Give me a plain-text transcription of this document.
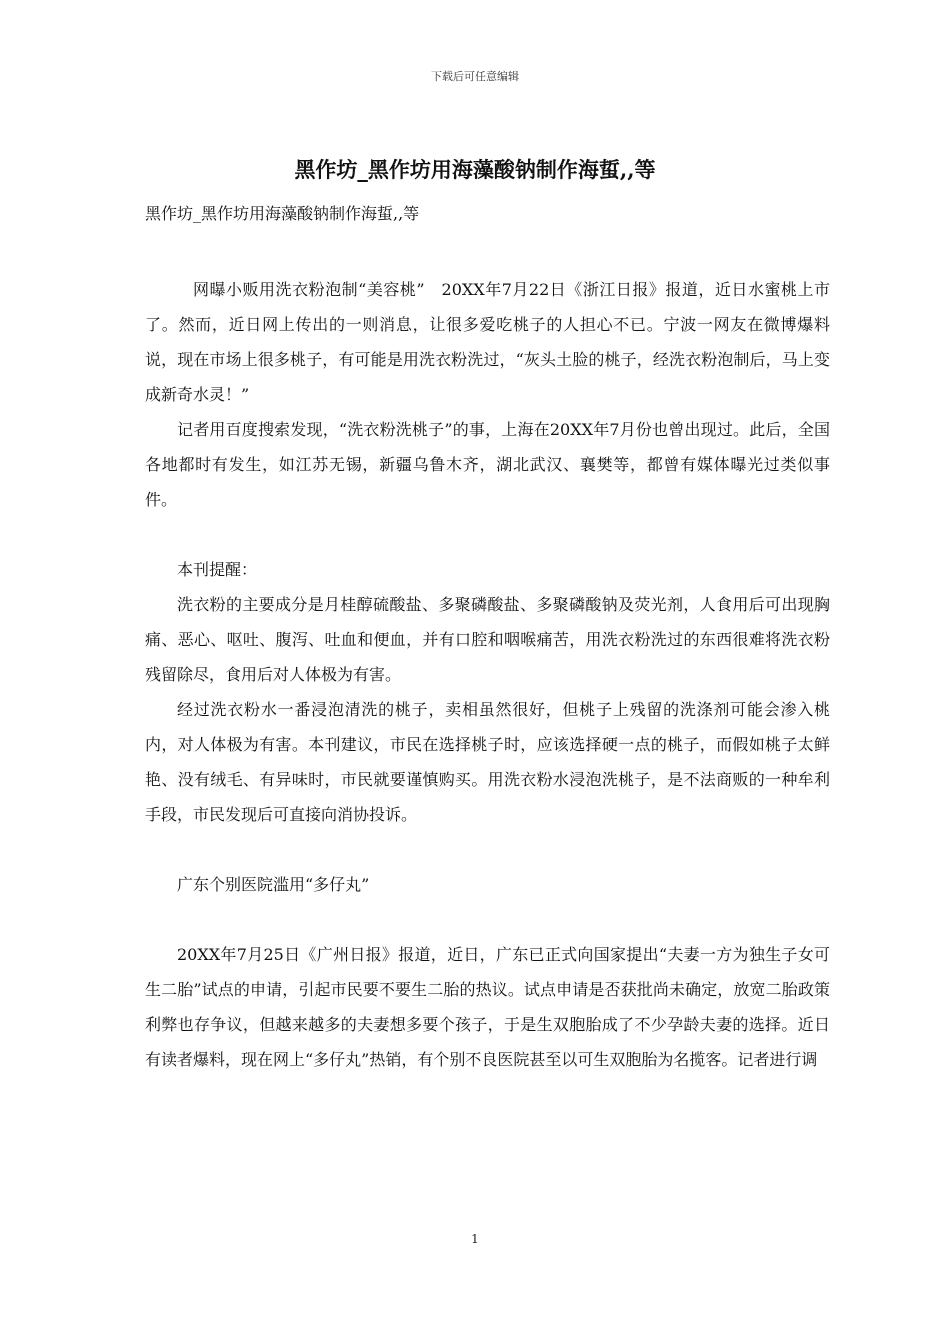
下载后可任意编辑
黑作坊_黑作坊用海藻酸钠制作海蜇,,等
黑作坊_黑作坊用海藻酸钠制作海蜇,,等

网曝小贩用洗衣粉泡制“美容桃”　20XX年7月22日《浙江日报》报道，近日水蜜桃上市了。然而，近日网上传出的一则消息，让很多爱吃桃子的人担心不已。宁波一网友在微博爆料说，现在市场上很多桃子，有可能是用洗衣粉洗过，“灰头土脸的桃子，经洗衣粉泡制后，马上变成新奇水灵！”

记者用百度搜索发现，“洗衣粉洗桃子”的事，上海在20XX年7月份也曾出现过。此后，全国各地都时有发生，如江苏无锡，新疆乌鲁木齐，湖北武汉、襄樊等，都曾有媒体曝光过类似事件。

本刊提醒：

洗衣粉的主要成分是月桂醇硫酸盐、多聚磷酸盐、多聚磷酸钠及荧光剂，人食用后可出现胸痛、恶心、呕吐、腹泻、吐血和便血，并有口腔和咽喉痛苦，用洗衣粉洗过的东西很难将洗衣粉残留除尽，食用后对人体极为有害。

经过洗衣粉水一番浸泡清洗的桃子，卖相虽然很好，但桃子上残留的洗涤剂可能会渗入桃内，对人体极为有害。本刊建议，市民在选择桃子时，应该选择硬一点的桃子，而假如桃子太鲜艳、没有绒毛、有异味时，市民就要谨慎购买。用洗衣粉水浸泡洗桃子，是不法商贩的一种牟利手段，市民发现后可直接向消协投诉。

广东个别医院滥用“多仔丸”

20XX年7月25日《广州日报》报道，近日，广东已正式向国家提出“夫妻一方为独生子女可生二胎”试点的申请，引起市民要不要生二胎的热议。试点申请是否获批尚未确定，放宽二胎政策利弊也存争议，但越来越多的夫妻想多要个孩子，于是生双胞胎成了不少孕龄夫妻的选择。近日有读者爆料，现在网上“多仔丸”热销，有个别不良医院甚至以可生双胞胎为名揽客。记者进行调

1
